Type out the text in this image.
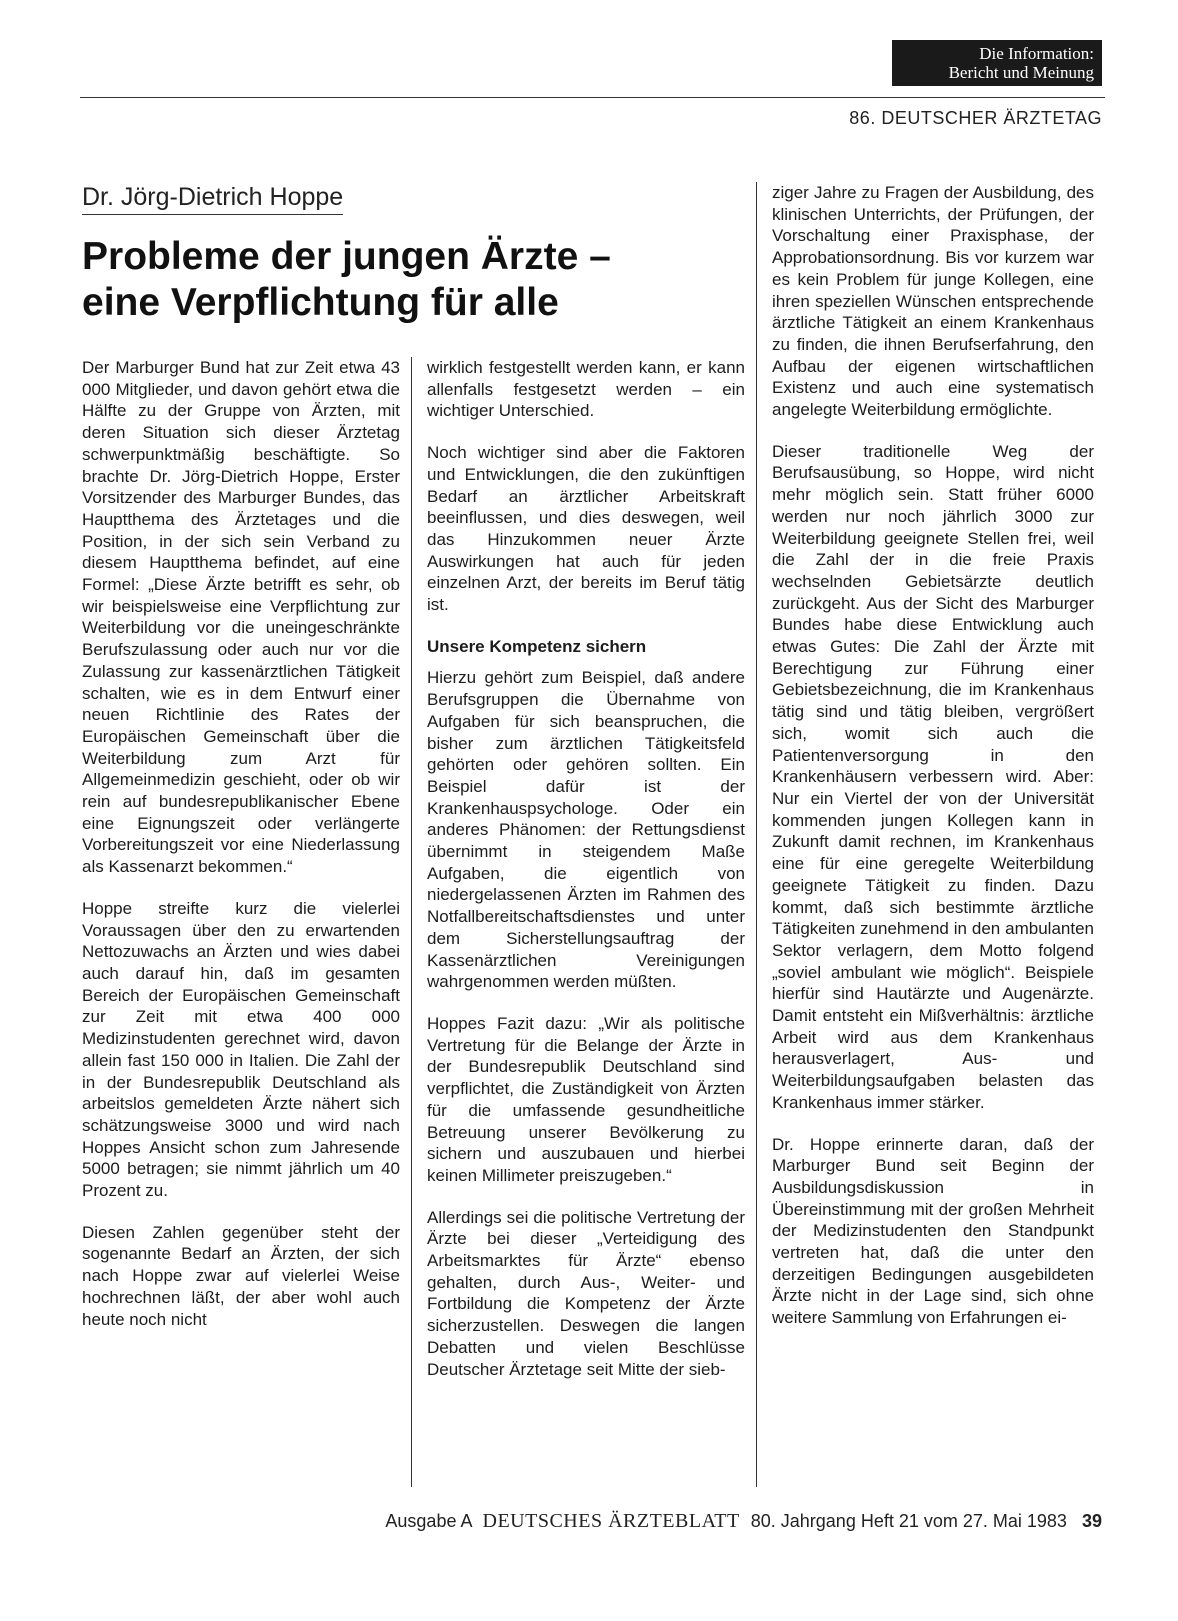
Die Information:
Bericht und Meinung
86. DEUTSCHER ÄRZTETAG
Dr. Jörg-Dietrich Hoppe
Probleme der jungen Ärzte –
eine Verpflichtung für alle

Der Marburger Bund hat zur Zeit etwa 43 000 Mitglieder, und davon gehört etwa die Hälfte zu der Gruppe von Ärzten, mit deren Situation sich dieser Ärztetag schwerpunktmäßig beschäftigte. So brachte Dr. Jörg-Dietrich Hoppe, Erster Vorsitzender des Marburger Bundes, das Hauptthema des Ärztetages und die Position, in der sich sein Verband zu diesem Hauptthema befindet, auf eine Formel: „Diese Ärzte betrifft es sehr, ob wir beispielsweise eine Verpflichtung zur Weiterbildung vor die uneingeschränkte Berufszulassung oder auch nur vor die Zulassung zur kassenärztlichen Tätigkeit schalten, wie es in dem Entwurf einer neuen Richtlinie des Rates der Europäischen Gemeinschaft über die Weiterbildung zum Arzt für Allgemeinmedizin geschieht, oder ob wir rein auf bundesrepublikanischer Ebene eine Eignungszeit oder verlängerte Vorbereitungszeit vor eine Niederlassung als Kassenarzt bekommen.“

Hoppe streifte kurz die vielerlei Voraussagen über den zu erwartenden Nettozuwachs an Ärzten und wies dabei auch darauf hin, daß im gesamten Bereich der Europäischen Gemeinschaft zur Zeit mit etwa 400 000 Medizinstudenten gerechnet wird, davon allein fast 150 000 in Italien. Die Zahl der in der Bundesrepublik Deutschland als arbeitslos gemeldeten Ärzte nähert sich schätzungsweise 3000 und wird nach Hoppes Ansicht schon zum Jahresende 5000 betragen; sie nimmt jährlich um 40 Prozent zu.

Diesen Zahlen gegenüber steht der sogenannte Bedarf an Ärzten, der sich nach Hoppe zwar auf vielerlei Weise hochrechnen läßt, der aber wohl auch heute noch nicht

wirklich festgestellt werden kann, er kann allenfalls festgesetzt werden – ein wichtiger Unterschied.

Noch wichtiger sind aber die Faktoren und Entwicklungen, die den zukünftigen Bedarf an ärztlicher Arbeitskraft beeinflussen, und dies deswegen, weil das Hinzukommen neuer Ärzte Auswirkungen hat auch für jeden einzelnen Arzt, der bereits im Beruf tätig ist.

Unsere Kompetenz sichern

Hierzu gehört zum Beispiel, daß andere Berufsgruppen die Übernahme von Aufgaben für sich beanspruchen, die bisher zum ärztlichen Tätigkeitsfeld gehörten oder gehören sollten. Ein Beispiel dafür ist der Krankenhauspsychologe. Oder ein anderes Phänomen: der Rettungsdienst übernimmt in steigendem Maße Aufgaben, die eigentlich von niedergelassenen Ärzten im Rahmen des Notfallbereitschaftsdienstes und unter dem Sicherstellungsauftrag der Kassenärztlichen Vereinigungen wahrgenommen werden müßten.

Hoppes Fazit dazu: „Wir als politische Vertretung für die Belange der Ärzte in der Bundesrepublik Deutschland sind verpflichtet, die Zuständigkeit von Ärzten für die umfassende gesundheitliche Betreuung unserer Bevölkerung zu sichern und auszubauen und hierbei keinen Millimeter preiszugeben.“

Allerdings sei die politische Vertretung der Ärzte bei dieser „Verteidigung des Arbeitsmarktes für Ärzte“ ebenso gehalten, durch Aus-, Weiter- und Fortbildung die Kompetenz der Ärzte sicherzustellen. Deswegen die langen Debatten und vielen Beschlüsse Deutscher Ärztetage seit Mitte der sieb-

ziger Jahre zu Fragen der Ausbildung, des klinischen Unterrichts, der Prüfungen, der Vorschaltung einer Praxisphase, der Approbationsordnung. Bis vor kurzem war es kein Problem für junge Kollegen, eine ihren speziellen Wünschen entsprechende ärztliche Tätigkeit an einem Krankenhaus zu finden, die ihnen Berufserfahrung, den Aufbau der eigenen wirtschaftlichen Existenz und auch eine systematisch angelegte Weiterbildung ermöglichte.

Dieser traditionelle Weg der Berufsausübung, so Hoppe, wird nicht mehr möglich sein. Statt früher 6000 werden nur noch jährlich 3000 zur Weiterbildung geeignete Stellen frei, weil die Zahl der in die freie Praxis wechselnden Gebietsärzte deutlich zurückgeht. Aus der Sicht des Marburger Bundes habe diese Entwicklung auch etwas Gutes: Die Zahl der Ärzte mit Berechtigung zur Führung einer Gebietsbezeichnung, die im Krankenhaus tätig sind und tätig bleiben, vergrößert sich, womit sich auch die Patientenversorgung in den Krankenhäusern verbessern wird. Aber: Nur ein Viertel der von der Universität kommenden jungen Kollegen kann in Zukunft damit rechnen, im Krankenhaus eine für eine geregelte Weiterbildung geeignete Tätigkeit zu finden. Dazu kommt, daß sich bestimmte ärztliche Tätigkeiten zunehmend in den ambulanten Sektor verlagern, dem Motto folgend „soviel ambulant wie möglich“. Beispiele hierfür sind Hautärzte und Augenärzte. Damit entsteht ein Mißverhältnis: ärztliche Arbeit wird aus dem Krankenhaus herausverlagert, Aus- und Weiterbildungsaufgaben belasten das Krankenhaus immer stärker.

Dr. Hoppe erinnerte daran, daß der Marburger Bund seit Beginn der Ausbildungsdiskussion in Übereinstimmung mit der großen Mehrheit der Medizinstudenten den Standpunkt vertreten hat, daß die unter den derzeitigen Bedingungen ausgebildeten Ärzte nicht in der Lage sind, sich ohne weitere Sammlung von Erfahrungen ei-

Ausgabe A DEUTSCHES ÄRZTEBLATT 80. Jahrgang Heft 21 vom 27. Mai 1983 39
